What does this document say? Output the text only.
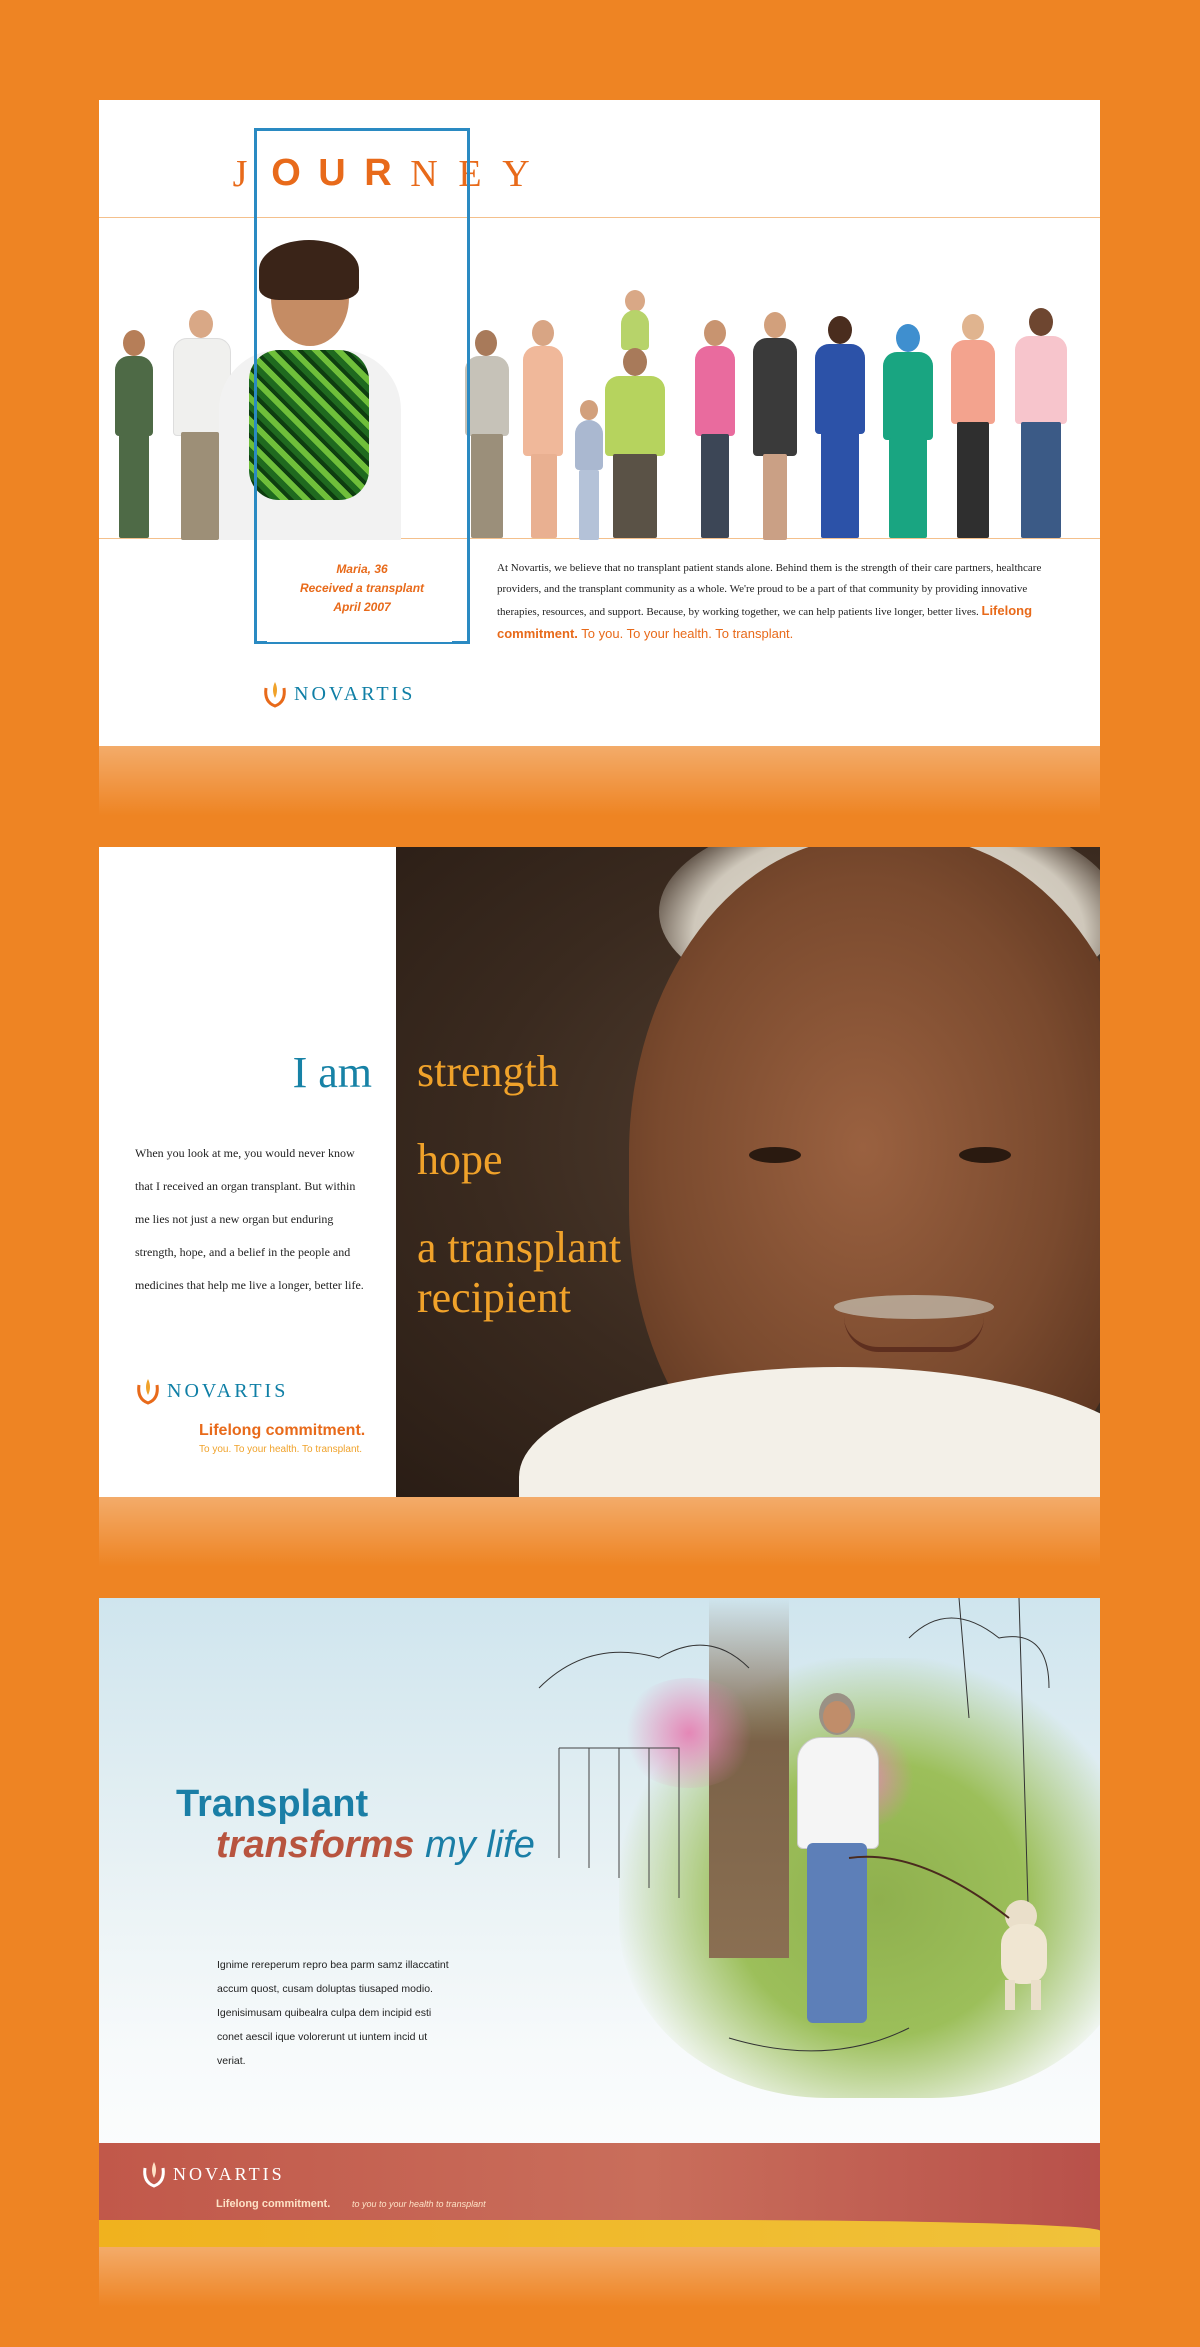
J O U R N E Y
Maria, 36
Received a transplant
April 2007
At Novartis, we believe that no transplant patient stands alone. Behind them is the strength of their care partners, healthcare providers, and the transplant community as a whole. We're proud to be a part of that community by providing innovative therapies, resources, and support. Because, by working together, we can help patients live longer, better lives. Lifelong commitment. To you. To your health. To transplant.
NOVARTIS
I am strength
hope
a transplant recipient
When you look at me, you would never know that I received an organ transplant. But within me lies not just a new organ but enduring strength, hope, and a belief in the people and medicines that help me live a longer, better life.
NOVARTIS
Lifelong commitment.
To you. To your health. To transplant.
Transplant
transforms my life
Ignime rereperum repro bea parm samz illaccatint accum quost, cusam doluptas tiusaped modio. Igenisimusam quibealra culpa dem incipid esti conet aescil ique volorerunt ut iuntem incid ut veriat.
NOVARTIS
Lifelong commitment. to you to your health to transplant
